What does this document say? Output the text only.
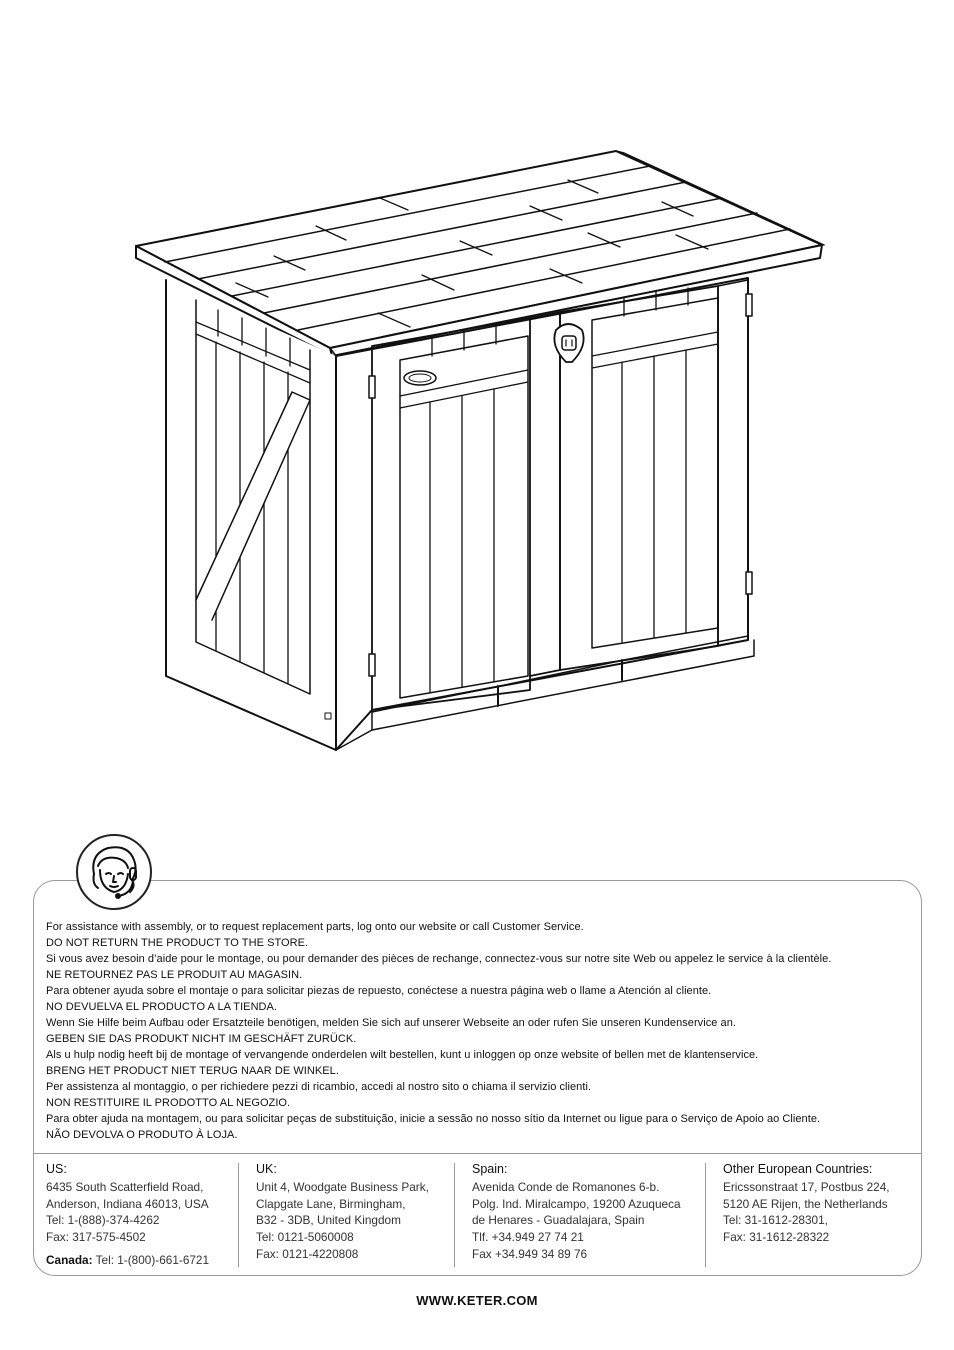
For assistance with assembly, or to request replacement parts, log onto our website or call Customer Service.
DO NOT RETURN THE PRODUCT TO THE STORE.
Si vous avez besoin d’aide pour le montage, ou pour demander des pièces de rechange, connectez-vous sur notre site Web ou appelez le service à la clientèle.
NE RETOURNEZ PAS LE PRODUIT AU MAGASIN.
Para obtener ayuda sobre el montaje o para solicitar piezas de repuesto, conéctese a nuestra página web o llame a Atención al cliente.
NO DEVUELVA EL PRODUCTO A LA TIENDA.
Wenn Sie Hilfe beim Aufbau oder Ersatzteile benötigen, melden Sie sich auf unserer Webseite an oder rufen Sie unseren Kundenservice an.
GEBEN SIE DAS PRODUKT NICHT IM GESCHÄFT ZURÜCK.
Als u hulp nodig heeft bij de montage of vervangende onderdelen wilt bestellen, kunt u inloggen op onze website of bellen met de klantenservice.
BRENG HET PRODUCT NIET TERUG NAAR DE WINKEL.
Per assistenza al montaggio, o per richiedere pezzi di ricambio, accedi al nostro sito o chiama il servizio clienti.
NON RESTITUIRE IL PRODOTTO AL NEGOZIO.
Para obter ajuda na montagem, ou para solicitar peças de substituição, inicie a sessão no nosso sítio da Internet ou ligue para o Serviço de Apoio ao Cliente.
NÃO DEVOLVA O PRODUTO À LOJA.
US:
6435 South Scatterfield Road,
Anderson, Indiana 46013, USA
Tel: 1-(888)-374-4262
Fax: 317-575-4502
Canada: Tel: 1-(800)-661-6721
UK:
Unit 4, Woodgate Business Park,
Clapgate Lane, Birmingham,
B32 - 3DB, United Kingdom
Tel: 0121-5060008
Fax: 0121-4220808
Spain:
Avenida Conde de Romanones 6-b.
Polg. Ind. Miralcampo, 19200 Azuqueca
de Henares - Guadalajara, Spain
Tlf. +34.949 27 74 21
Fax +34.949 34 89 76
Other European Countries:
Ericssonstraat 17, Postbus 224,
5120 AE Rijen, the Netherlands
Tel: 31-1612-28301,
Fax: 31-1612-28322
WWW.KETER.COM
